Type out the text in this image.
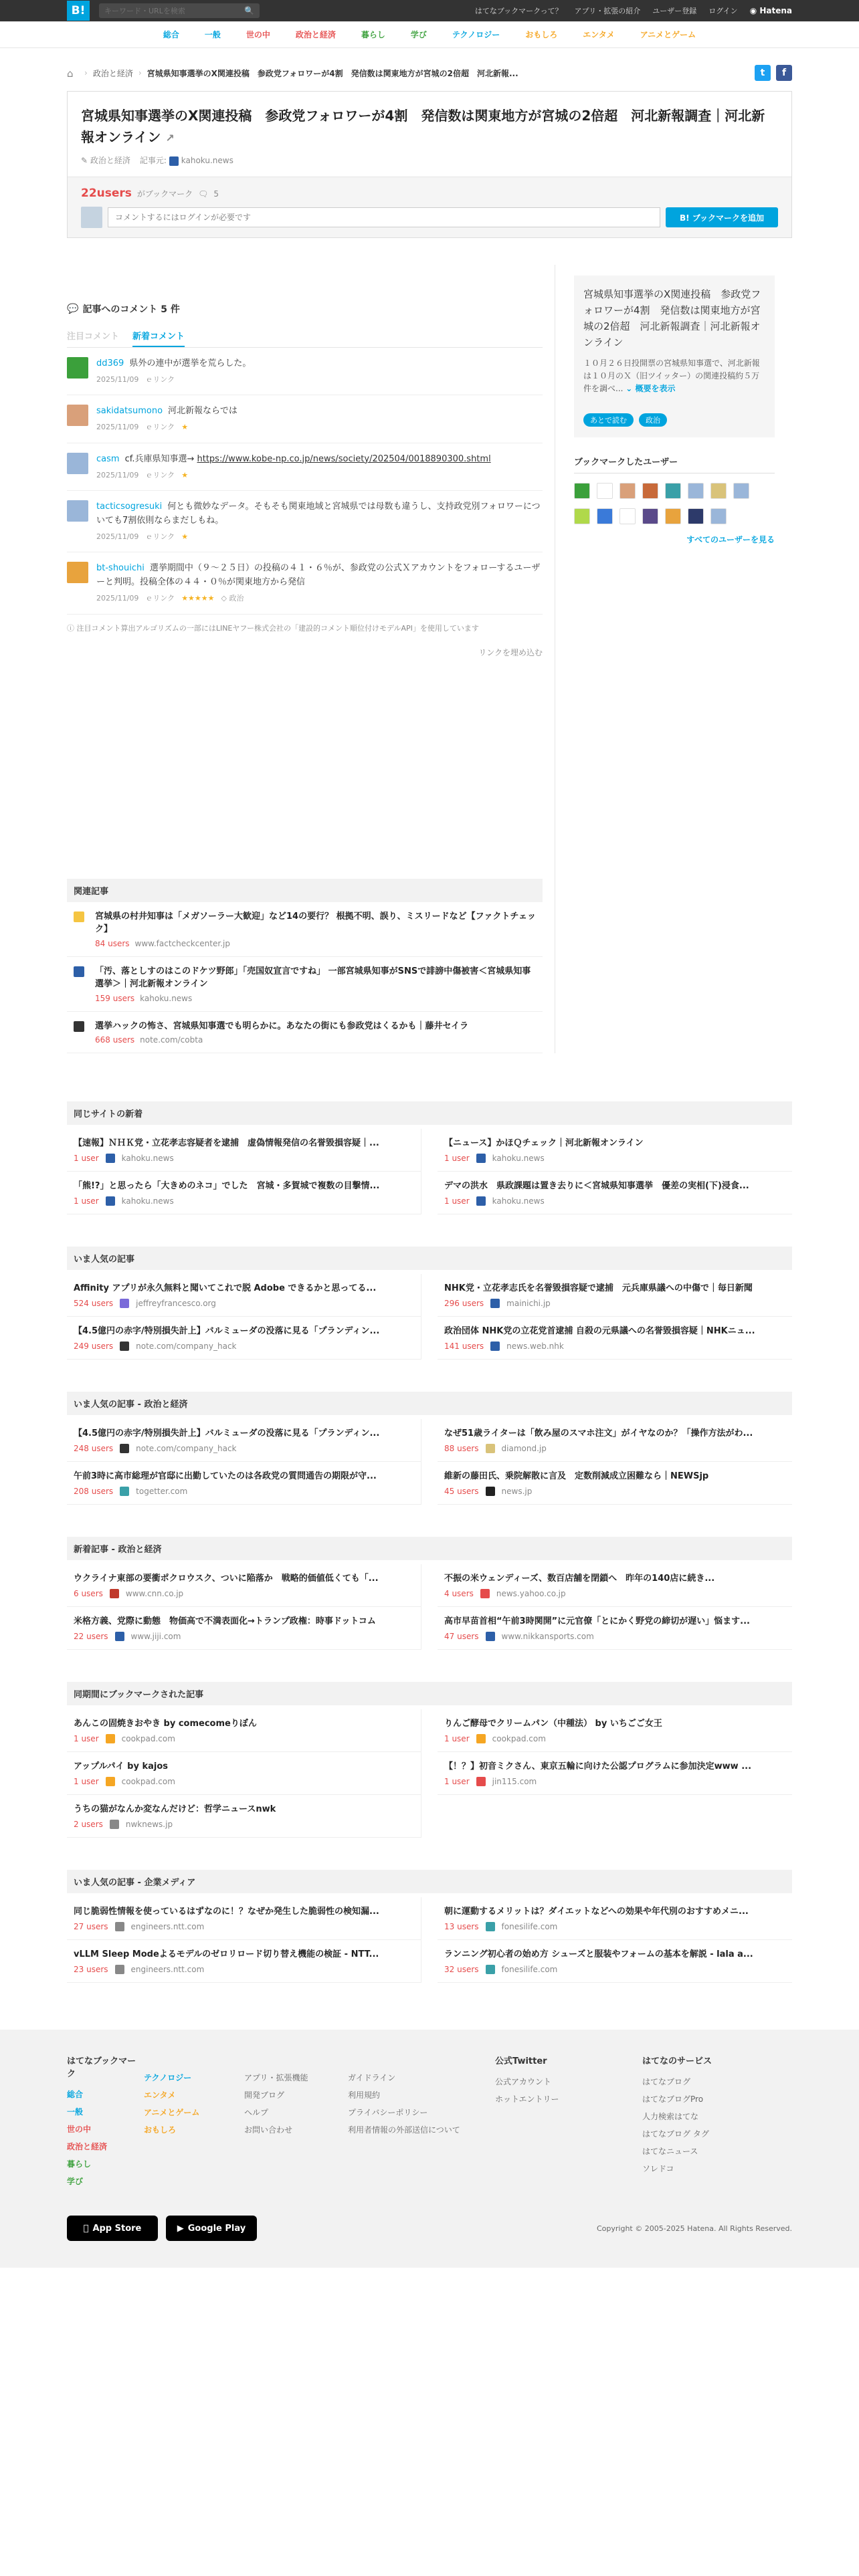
B!
キーワード・URLを検索	🔍	はてなブックマークって？ アプリ・拡張の紹介 ユーザー登録 ログイン ◉ Hatena
総合	一般	世の中	政治と経済	暮らし	学び	テクノロジー	おもしろ	エンタメ	アニメとゲーム
⌂	› 政治と経済 › 宮城県知事選挙のX関連投稿　参政党フォロワーが4割　発信数は関東地方が宮城の2倍超　河北新報...	t	f
宮城県知事選挙のX関連投稿　参政党フォロワーが4割　発信数は関東地方が宮城の2倍超　河北新報調査｜河北新報オンライン ↗
✎ 政治と経済 記事元: kahoku.news
22users がブックマーク 🗨 5
コメントするにはログインが必要です
B! ブックマークを追加
💬 記事へのコメント 5 件
注目コメント 新着コメント
dd369 県外の連中が選挙を荒らした。
2025/11/09 ｅリンク
sakidatsumono 河北新報ならでは
2025/11/09 ｅリンク ★
casm cf.兵庫県知事選→ https://www.kobe-np.co.jp/news/society/202504/0018890300.shtml
2025/11/09 ｅリンク ★
tacticsogresuki 何とも微妙なデータ。そもそも関東地域と宮城県では母数も違うし、支持政党別フォロワーについても7割依則ならまだしもね。
2025/11/09 ｅリンク ★
bt-shouichi 選挙期間中（９～２５日）の投稿の４１・６％が、参政党の公式Ｘアカウントをフォローするユーザーと判明。投稿全体の４４・０％が関東地方から発信
2025/11/09 ｅリンク ★★★★★ ◇ 政治
ⓘ 注目コメント算出アルゴリズムの一部にはLINEヤフー株式会社の「建設的コメント順位付けモデルAPI」を使用しています
リンクを埋め込む
関連記事
宮城県の村井知事は「メガソーラー大歓迎」など14の要行？ 根拠不明、誤り、ミスリードなど【ファクトチェック】
84 users www.factcheckcenter.jp
「汚、落としすのはこのドケツ野郎」「売国奴宣言ですね」 一部宮城県知事がSNSで誹謗中傷被害＜宮城県知事選挙＞｜河北新報オンライン
159 users kahoku.news
選挙ハックの怖さ、宮城県知事選でも明らかに。あなたの街にも参政党はくるかも｜藤井セイラ
668 users note.com/cobta
宮城県知事選挙のX関連投稿　参政党フォロワーが4割　発信数は関東地方が宮城の2倍超　河北新報調査｜河北新報オンライン
１０月２６日投開票の宮城県知事選で、河北新報は１０月のＸ（旧ツイッター）の関連投稿約５万件を調べ... ⌄ 概要を表示
あとで読む	政治
ブックマークしたユーザー
すべてのユーザーを見る
同じサイトの新着
【速報】ＮＨＫ党・立花孝志容疑者を逮捕　虚偽情報発信の名誉毀損容疑｜...
1 user	kahoku.news
【ニュース】かほＱチェック｜河北新報オンライン
1 user	kahoku.news
「熊!?」と思ったら「大きめのネコ」でした　宮城・多賀城で複数の目撃情...
1 user	kahoku.news
デマの洪水　県政課題は置き去りに＜宮城県知事選挙　優差の実相(下)浸食...
1 user	kahoku.news
いま人気の記事
Affinity アプリが永久無料と聞いてこれで脱 Adobe できるかと思ってる...
524 users	jeffreyfrancesco.org
NHK党・立花孝志氏を名誉毀損容疑で逮捕　元兵庫県議への中傷で｜毎日新聞
296 users	mainichi.jp
【4.5億円の赤字/特別損失計上】バルミューダの没落に見る「プランディン...
249 users	note.com/company_hack
政治団体 NHK党の立花党首逮捕 自殺の元県議への名誉毀損容疑｜NHKニュ...
141 users	news.web.nhk
いま人気の記事 - 政治と経済
【4.5億円の赤字/特別損失計上】バルミューダの没落に見る「プランディン...
248 users	note.com/company_hack
なぜ51歳ライターは「飲み屋のスマホ注文」がイヤなのか？「操作方法がわ...
88 users	diamond.jp
午前3時に高市総理が官邸に出勤していたのは各政党の質問通告の期限が守...
208 users	togetter.com
維新の藤田氏、乗院解散に言及　定数削減成立困難なら｜NEWSjp
45 users	news.jp
新着記事 - 政治と経済
ウクライナ東部の要衝ポクロウスク、ついに陥落か　戦略的価値低くても「...
6 users	www.cnn.co.jp
不振の米ウェンディーズ、数百店舗を閉鎖へ　昨年の140店に続き...
4 users	news.yahoo.co.jp
米格方義、党際に動態　物価高で不満表面化→トランプ政権：時事ドットコム
22 users	www.jiji.com
高市早苗首相“午前3時関開”に元官僚「とにかく野党の締切が遅い」悩ます...
47 users	www.nikkansports.com
同期間にブックマークされた記事
あんこの固焼きおやき by comecomeりぼん
1 user	cookpad.com
りんご酵母でクリームパン（中種法） by いちごご女王
1 user	cookpad.com
アップルパイ by kajos
1 user	cookpad.com
【！？】初音ミクさん、東京五輪に向けた公認プログラムに参加決定www ...
1 user	jin115.com
うちの猫がなんか変なんだけど：哲学ニュースnwk
2 users	nwknews.jp
いま人気の記事 - 企業メディア
同じ脆弱性情報を使っているはずなのに！？なぜか発生した脆弱性の検知漏...
27 users	engineers.ntt.com
朝に運動するメリットは？ダイエットなどへの効果や年代別のおすすめメニ...
13 users	fonesilife.com
vLLM Sleep Modeよるモデルのゼロリロード切り替え機能の検証 - NTT...
23 users	engineers.ntt.com
ランニング初心者の始め方 シューズと服装やフォームの基本を解説 - lala a...
32 users	fonesilife.com
はてなブックマーク
総合
一般
世の中
政治と経済
暮らし
学び
テクノロジー
エンタメ
アニメとゲーム
おもしろ
アプリ・拡張機能
開発ブログ
ヘルプ
お問い合わせ
ガイドライン
利用規約
プライバシーポリシー
利用者情報の外部送信について
公式Twitter
公式アカウント
ホットエントリー
はてなのサービス
はてなブログ
はてなブログPro
人力検索はてな
はてなブログ タグ
はてなニュース
ソレドコ
App Store	▶ Google Play	Copyright © 2005-2025 Hatena. All Rights Reserved.
